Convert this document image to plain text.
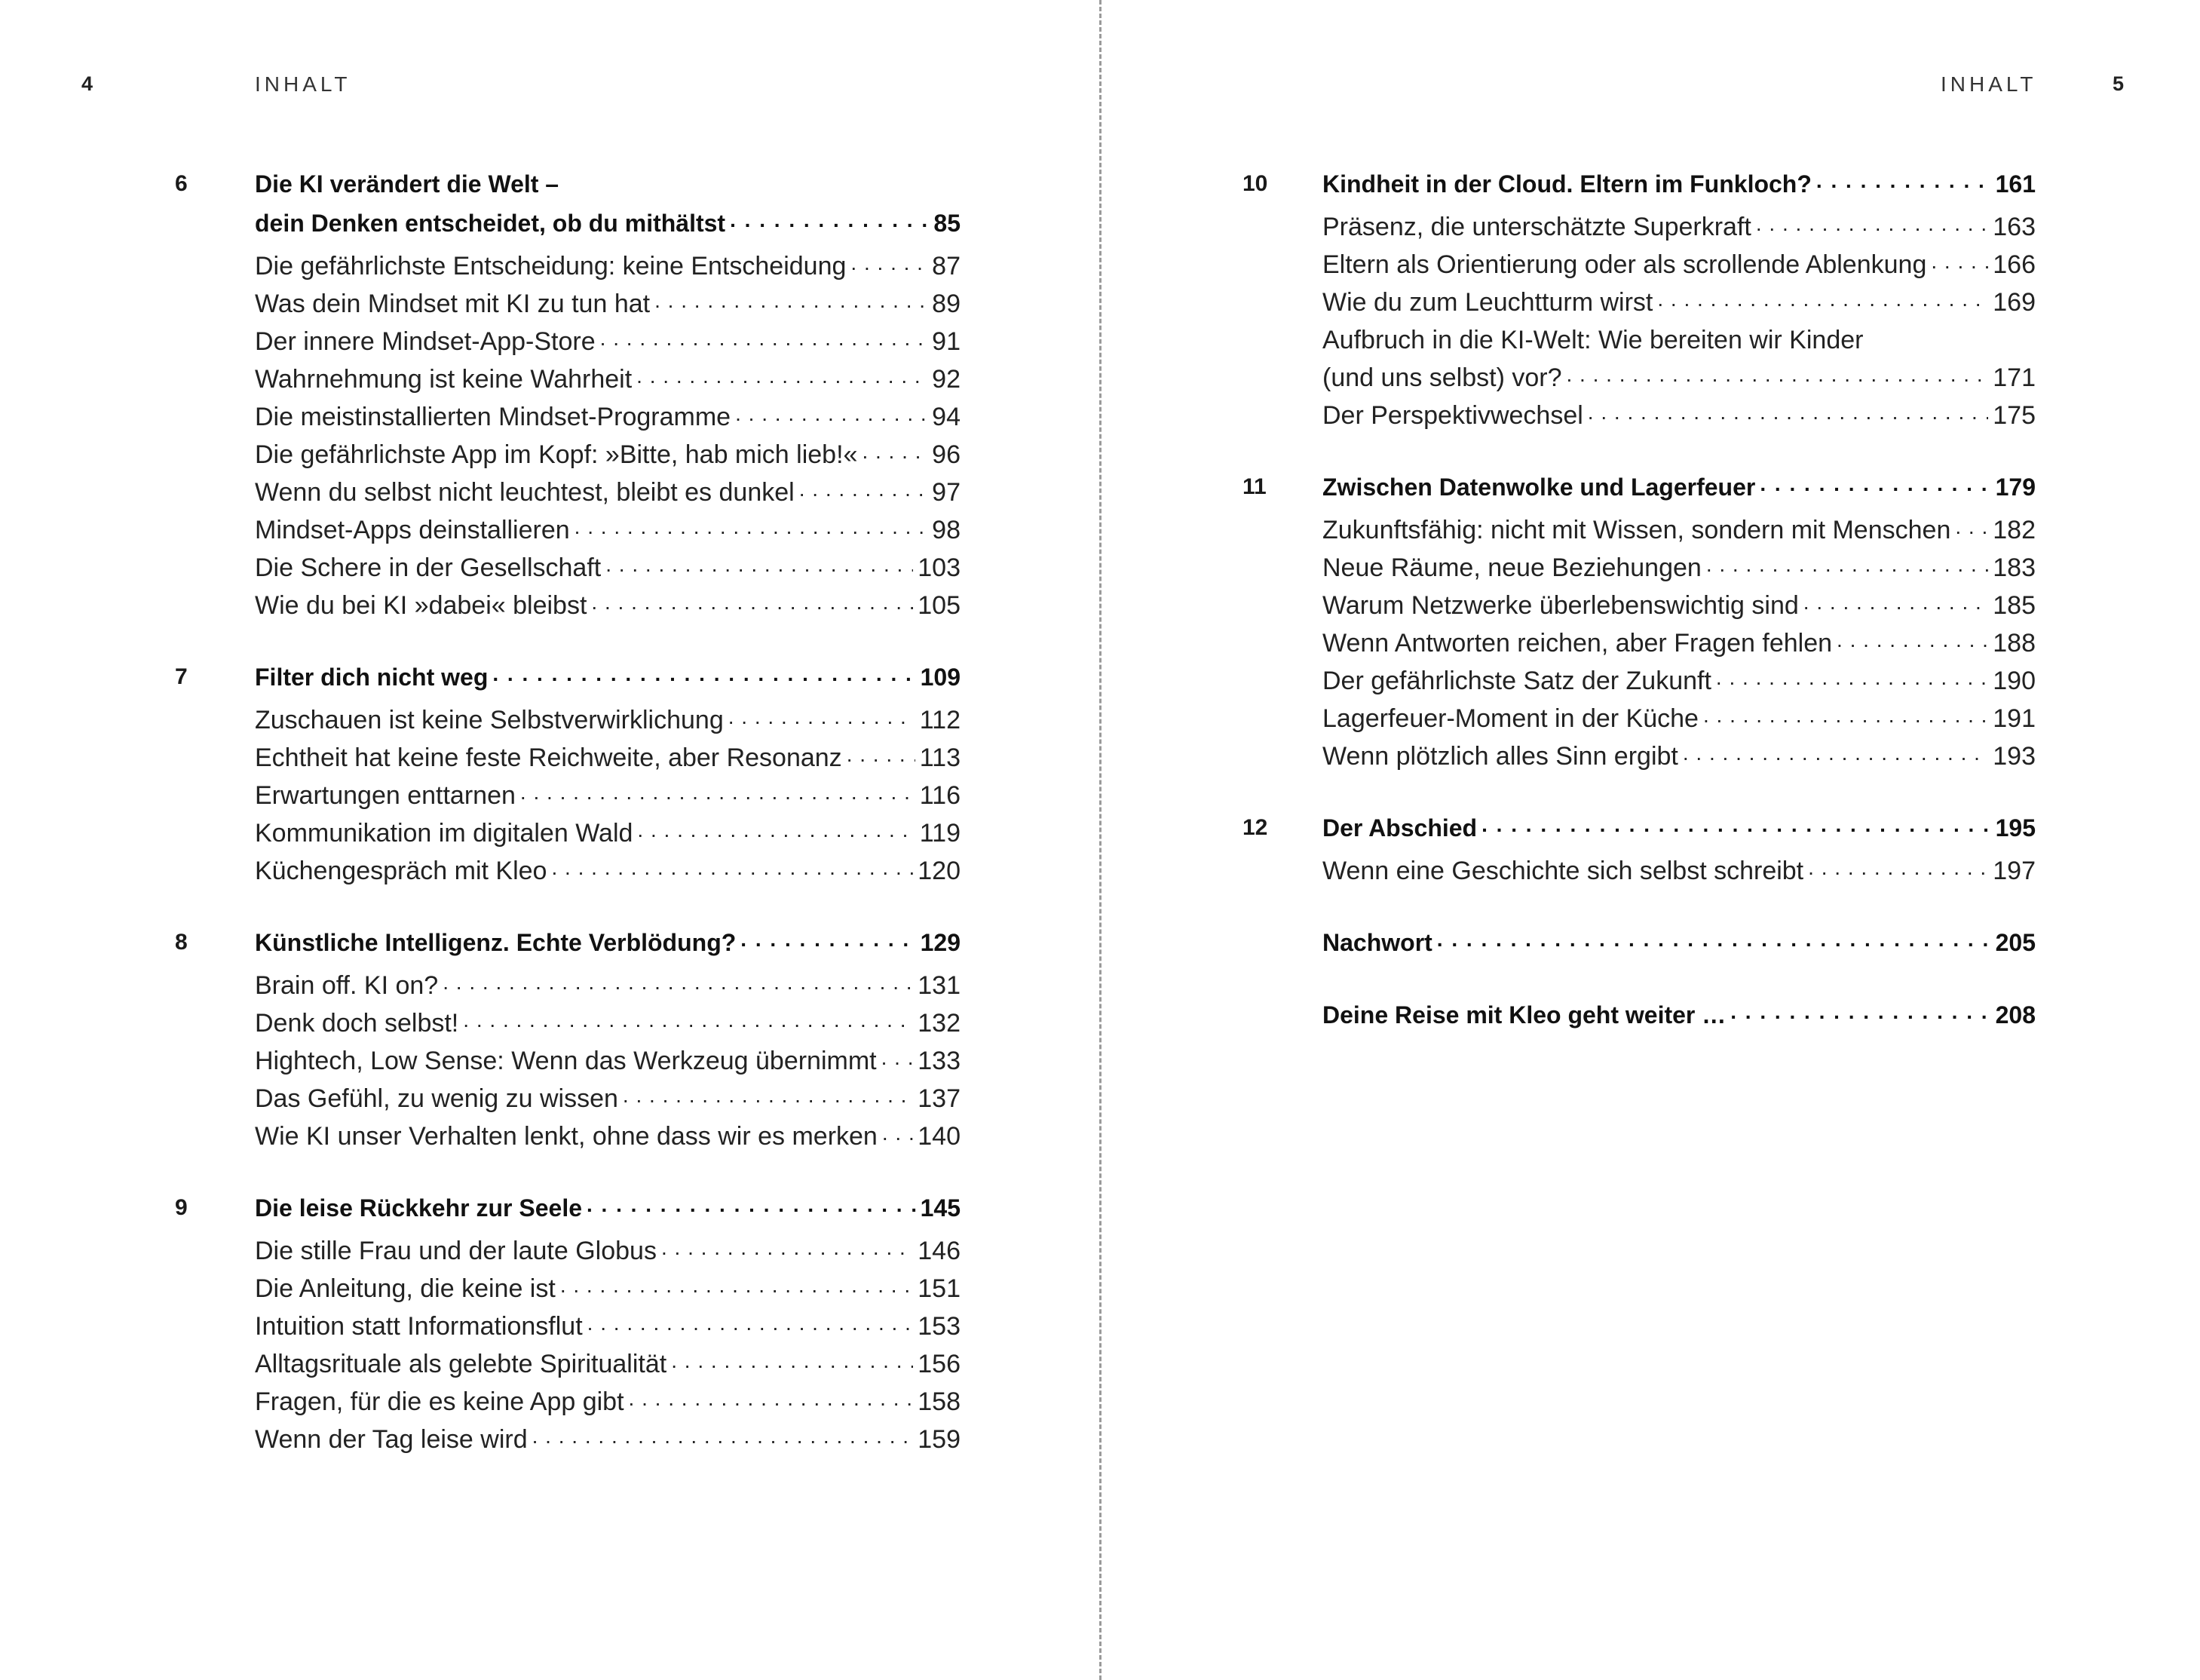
4	INHALT
6	Die KI verändert die Welt –
dein Denken entscheidet, ob du mithältst . . .	85
Die gefährlichste Entscheidung: keine Entscheidung . . .	87
Was dein Mindset mit KI zu tun hat . . .	89
Der innere Mindset-App-Store . . .	91
Wahrnehmung ist keine Wahrheit . . .	92
Die meistinstallierten Mindset-Programme . . .	94
Die gefährlichste App im Kopf: »Bitte, hab mich lieb!« . . .	96
Wenn du selbst nicht leuchtest, bleibt es dunkel . . .	97
Mindset-Apps deinstallieren . . .	98
Die Schere in der Gesellschaft . . .	103
Wie du bei KI »dabei« bleibst . . .	105
7	Filter dich nicht weg . . .	109
Zuschauen ist keine Selbstverwirklichung . . .	112
Echtheit hat keine feste Reichweite, aber Resonanz . . .	113
Erwartungen enttarnen . . .	116
Kommunikation im digitalen Wald . . .	119
Küchengespräch mit Kleo . . .	120
8	Künstliche Intelligenz. Echte Verblödung? . . .	129
Brain off. KI on? . . .	131
Denk doch selbst! . . .	132
Hightech, Low Sense: Wenn das Werkzeug übernimmt . . . 133
Das Gefühl, zu wenig zu wissen . . .	137
Wie KI unser Verhalten lenkt, ohne dass wir es merken . . . 140
9	Die leise Rückkehr zur Seele . . .	145
Die stille Frau und der laute Globus . . .	146
Die Anleitung, die keine ist . . .	151
Intuition statt Informationsflut . . .	153
Alltagsrituale als gelebte Spiritualität . . .	156
Fragen, für die es keine App gibt . . .	158
Wenn der Tag leise wird . . .	159
INHALT	5
10 Kindheit in der Cloud. Eltern im Funkloch? . . .	161
Präsenz, die unterschätzte Superkraft . . .	163
Eltern als Orientierung oder als scrollende Ablenkung . . .	166
Wie du zum Leuchtturm wirst . . .	169
Aufbruch in die KI-Welt: Wie bereiten wir Kinder
(und uns selbst) vor? . . .	171
Der Perspektivwechsel . . .	175
11 Zwischen Datenwolke und Lagerfeuer . . .	179
Zukunftsfähig: nicht mit Wissen, sondern mit Menschen . . . 182
Neue Räume, neue Beziehungen . . .	183
Warum Netzwerke überlebenswichtig sind . . .	185
Wenn Antworten reichen, aber Fragen fehlen . . .	188
Der gefährlichste Satz der Zukunft . . .	190
Lagerfeuer-Moment in der Küche . . .	191
Wenn plötzlich alles Sinn ergibt . . .	193
12 Der Abschied . . .	195
Wenn eine Geschichte sich selbst schreibt . . .	197
Nachwort . . .	205
Deine Reise mit Kleo geht weiter … . . .	208
